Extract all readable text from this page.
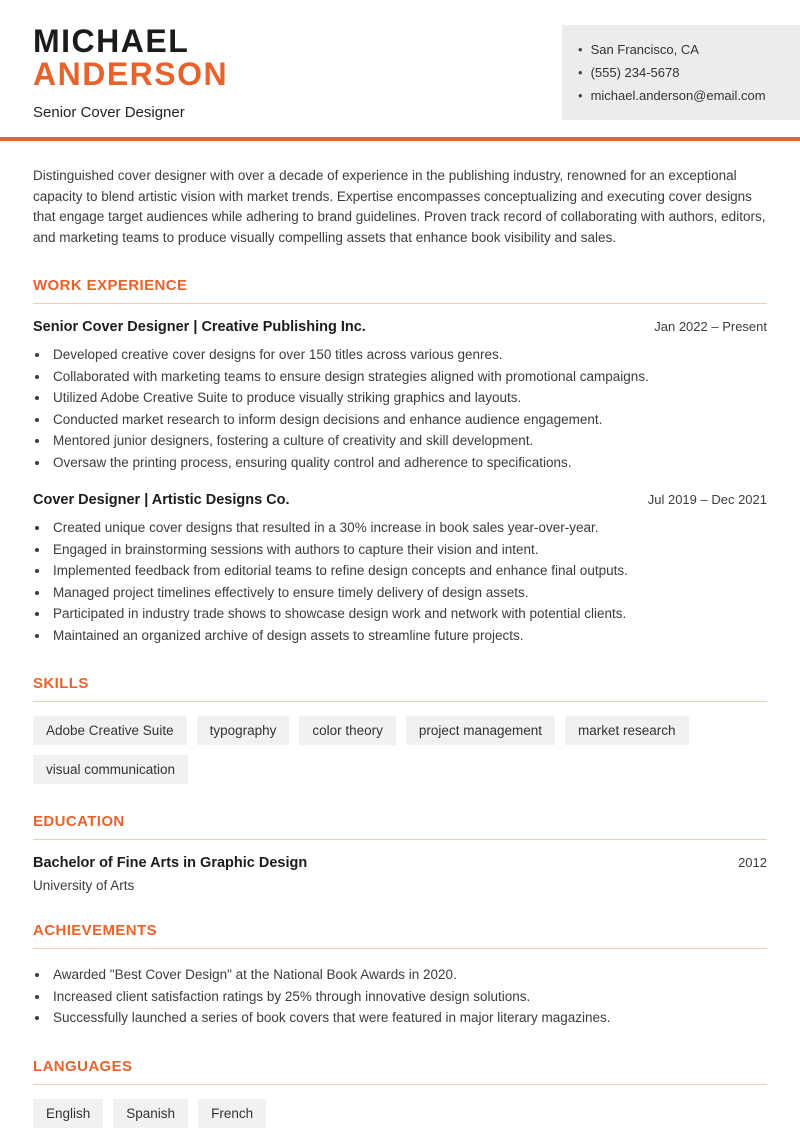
MICHAEL
ANDERSON
Senior Cover Designer
• San Francisco, CA
• (555) 234-5678
• michael.anderson@email.com

Distinguished cover designer with over a decade of experience in the publishing industry, renowned for an exceptional capacity to blend artistic vision with market trends. Expertise encompasses conceptualizing and executing cover designs that engage target audiences while adhering to brand guidelines. Proven track record of collaborating with authors, editors, and marketing teams to produce visually compelling assets that enhance book visibility and sales.

WORK EXPERIENCE
Senior Cover Designer | Creative Publishing Inc.	Jan 2022 – Present
• Developed creative cover designs for over 150 titles across various genres.
• Collaborated with marketing teams to ensure design strategies aligned with promotional campaigns.
• Utilized Adobe Creative Suite to produce visually striking graphics and layouts.
• Conducted market research to inform design decisions and enhance audience engagement.
• Mentored junior designers, fostering a culture of creativity and skill development.
• Oversaw the printing process, ensuring quality control and adherence to specifications.
Cover Designer | Artistic Designs Co.	Jul 2019 – Dec 2021
• Created unique cover designs that resulted in a 30% increase in book sales year-over-year.
• Engaged in brainstorming sessions with authors to capture their vision and intent.
• Implemented feedback from editorial teams to refine design concepts and enhance final outputs.
• Managed project timelines effectively to ensure timely delivery of design assets.
• Participated in industry trade shows to showcase design work and network with potential clients.
• Maintained an organized archive of design assets to streamline future projects.
SKILLS
Adobe Creative Suite	typography	color theory	project management	market research
visual communication
EDUCATION
Bachelor of Fine Arts in Graphic Design	2012
University of Arts
ACHIEVEMENTS
• Awarded "Best Cover Design" at the National Book Awards in 2020.
• Increased client satisfaction ratings by 25% through innovative design solutions.
• Successfully launched a series of book covers that were featured in major literary magazines.
LANGUAGES
English	Spanish	French
